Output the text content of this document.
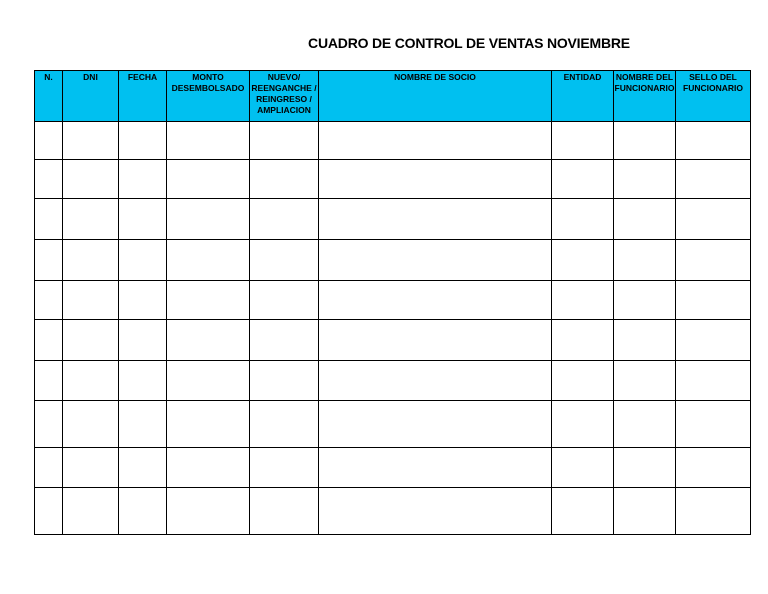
CUADRO DE CONTROL DE VENTAS NOVIEMBRE
N.	DNI	FECHA	MONTO DESEMBOLSADO	NUEVO/ REENGANCHE / REINGRESO / AMPLIACION	NOMBRE DE SOCIO	ENTIDAD	NOMBRE DEL FUNCIONARIO	SELLO DEL FUNCIONARIO
